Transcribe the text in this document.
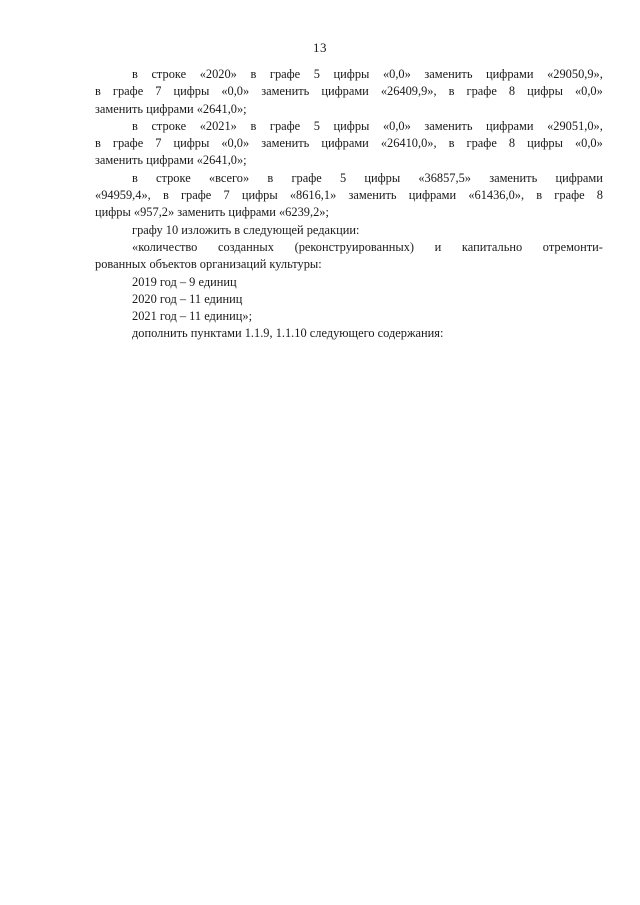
13
в строке «2020» в графе 5 цифры «0,0» заменить цифрами «29050,9»,
в графе 7 цифры «0,0» заменить цифрами «26409,9», в графе 8 цифры «0,0»
заменить цифрами «2641,0»;
в строке «2021» в графе 5 цифры «0,0» заменить цифрами «29051,0»,
в графе 7 цифры «0,0» заменить цифрами «26410,0», в графе 8 цифры «0,0»
заменить цифрами «2641,0»;
в строке «всего» в графе 5 цифры «36857,5» заменить цифрами
«94959,4», в графе 7 цифры «8616,1» заменить цифрами «61436,0», в графе 8
цифры «957,2» заменить цифрами «6239,2»;
графу 10 изложить в следующей редакции:
«количество созданных (реконструированных) и капитально отремонти-
рованных объектов организаций культуры:
2019 год – 9 единиц
2020 год – 11 единиц
2021 год – 11 единиц»;
дополнить пунктами 1.1.9, 1.1.10 следующего содержания:
